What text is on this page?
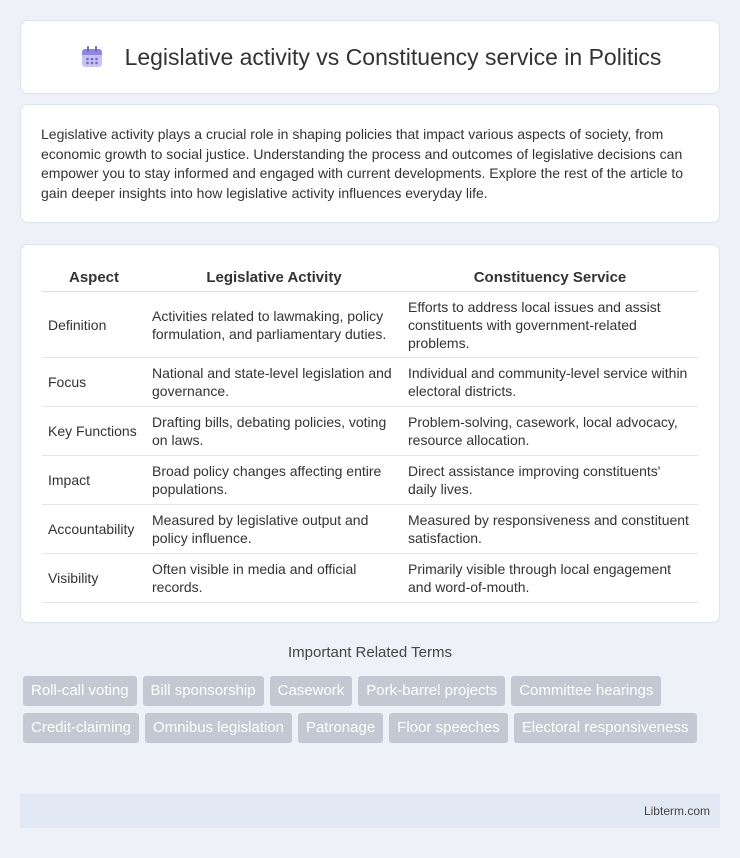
Legislative activity vs Constituency service in Politics

Legislative activity plays a crucial role in shaping policies that impact various aspects of society, from economic growth to social justice. Understanding the process and outcomes of legislative decisions can empower you to stay informed and engaged with current developments. Explore the rest of the article to gain deeper insights into how legislative activity influences everyday life.

Aspect	Legislative Activity	Constituency Service
Definition	Activities related to lawmaking, policy formulation, and parliamentary duties.	Efforts to address local issues and assist constituents with government-related problems.
Focus	National and state-level legislation and governance.	Individual and community-level service within electoral districts.
Key Functions	Drafting bills, debating policies, voting on laws.	Problem-solving, casework, local advocacy, resource allocation.
Impact	Broad policy changes affecting entire populations.	Direct assistance improving constituents' daily lives.
Accountability	Measured by legislative output and policy influence.	Measured by responsiveness and constituent satisfaction.
Visibility	Often visible in media and official records.	Primarily visible through local engagement and word-of-mouth.
Important Related Terms
Roll-call voting	Bill sponsorship	Casework	Pork-barrel projects	Committee hearings
Credit-claiming	Omnibus legislation	Patronage	Floor speeches	Electoral responsiveness
Libterm.com
